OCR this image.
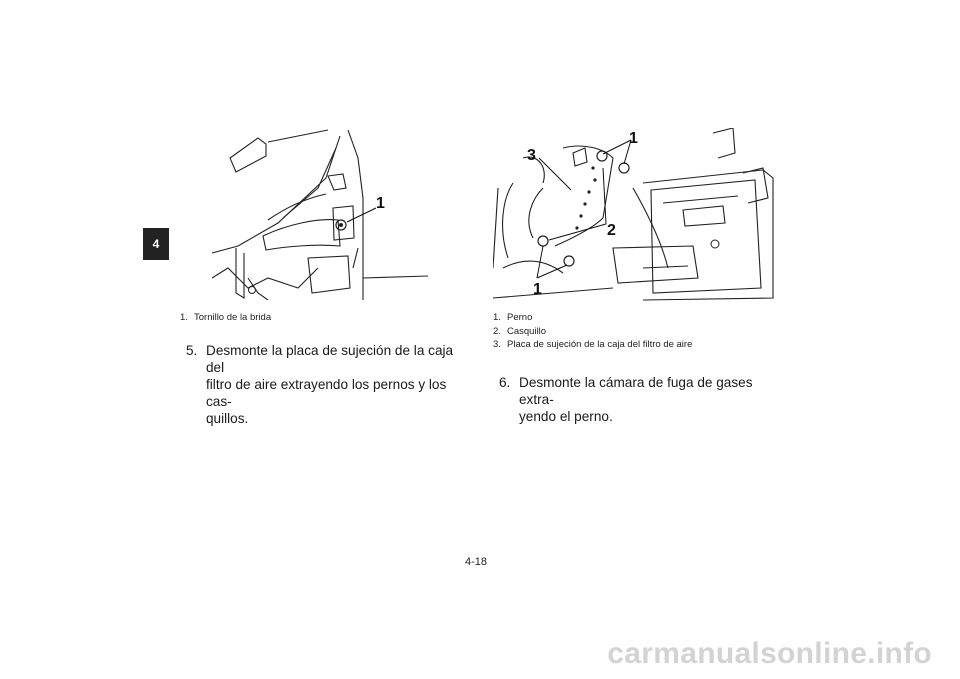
4
1
1
3
2
1
1. Tornillo de la brida	1. Perno
2. Casquillo
3. Placa de sujeción de la caja del filtro de aire
5. Desmonte la placa de sujeción de la caja del
filtro de aire extrayendo los pernos y los cas-
quillos.
6. Desmonte la cámara de fuga de gases extra-
yendo el perno.
4-18
carmanualsonline.info
